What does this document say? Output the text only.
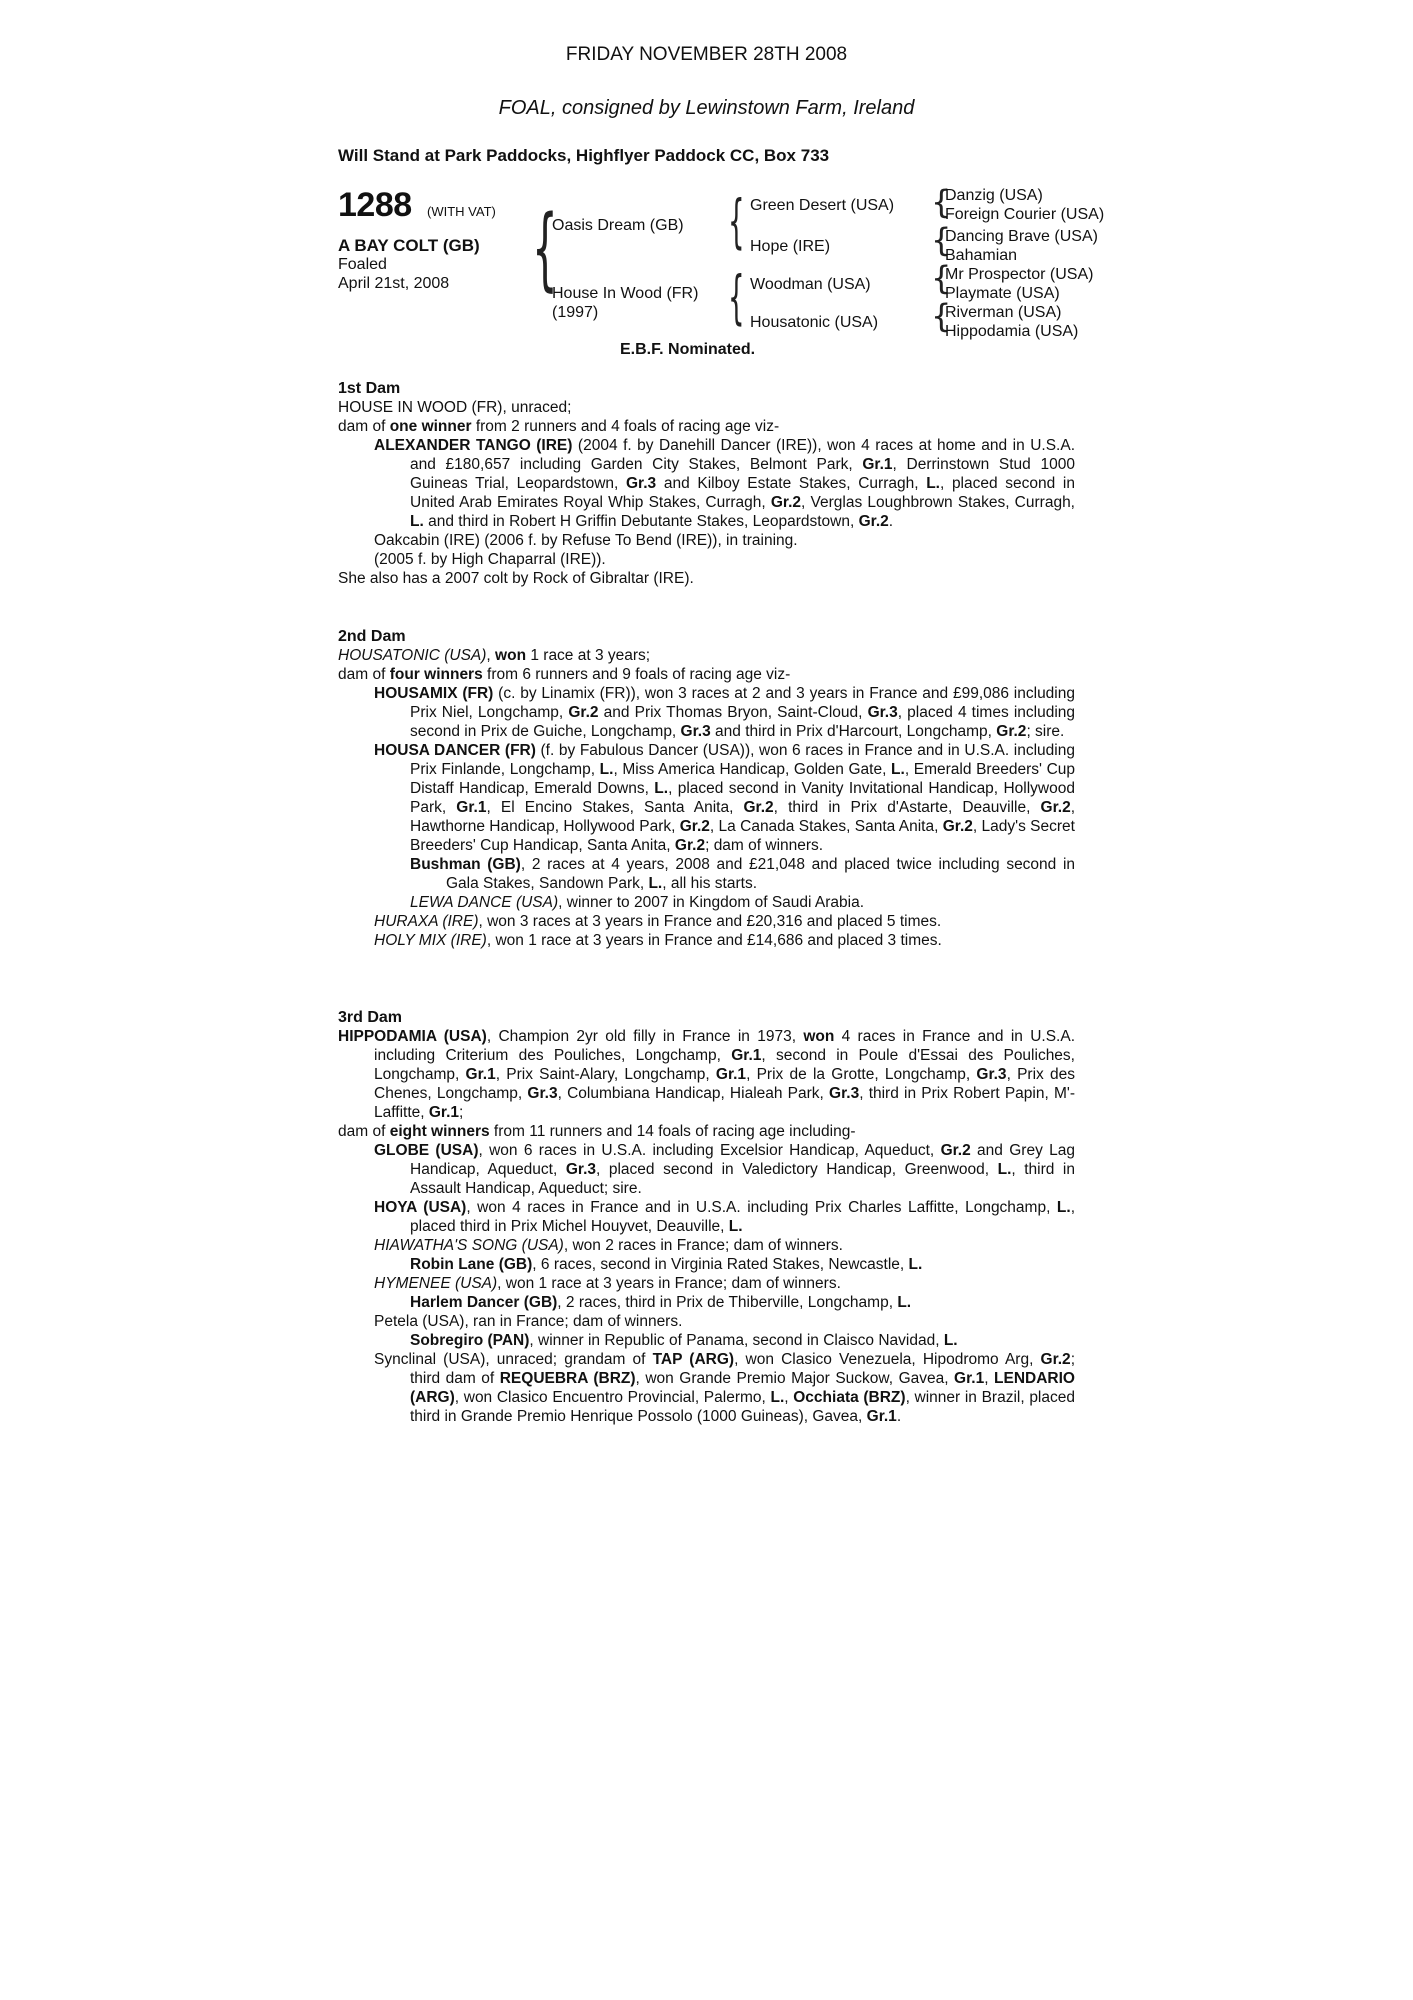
FRIDAY NOVEMBER 28TH 2008
FOAL, consigned by Lewinstown Farm, Ireland
Will Stand at Park Paddocks, Highflyer Paddock CC, Box 733
1288 (WITH VAT)
A BAY COLT (GB)
Foaled
April 21st, 2008 {
Oasis Dream (GB)
House In Wood (FR)
(1997)
{
{
Green Desert (USA)
Hope (IRE)
Woodman (USA)
Housatonic (USA)
{
{
{
{
Danzig (USA)
Foreign Courier (USA)
Dancing Brave (USA)
Bahamian
Mr Prospector (USA)
Playmate (USA)
Riverman (USA)
Hippodamia (USA)
E.B.F. Nominated.

1st Dam

HOUSE IN WOOD (FR), unraced;

dam of one winner from 2 runners and 4 foals of racing age viz-

ALEXANDER TANGO (IRE) (2004 f. by Danehill Dancer (IRE)), won 4 races at home and in U.S.A. and £180,657 including Garden City Stakes, Belmont Park, Gr.1, Derrinstown Stud 1000 Guineas Trial, Leopardstown, Gr.3 and Kilboy Estate Stakes, Curragh, L., placed second in United Arab Emirates Royal Whip Stakes, Curragh, Gr.2, Verglas Loughbrown Stakes, Curragh, L. and third in Robert H Griffin Debutante Stakes, Leopardstown, Gr.2.

Oakcabin (IRE) (2006 f. by Refuse To Bend (IRE)), in training.

(2005 f. by High Chaparral (IRE)).

She also has a 2007 colt by Rock of Gibraltar (IRE).

2nd Dam

HOUSATONIC (USA), won 1 race at 3 years;

dam of four winners from 6 runners and 9 foals of racing age viz-

HOUSAMIX (FR) (c. by Linamix (FR)), won 3 races at 2 and 3 years in France and £99,086 including Prix Niel, Longchamp, Gr.2 and Prix Thomas Bryon, Saint-Cloud, Gr.3, placed 4 times including second in Prix de Guiche, Longchamp, Gr.3 and third in Prix d'Harcourt, Longchamp, Gr.2; sire.

HOUSA DANCER (FR) (f. by Fabulous Dancer (USA)), won 6 races in France and in U.S.A. including Prix Finlande, Longchamp, L., Miss America Handicap, Golden Gate, L., Emerald Breeders' Cup Distaff Handicap, Emerald Downs, L., placed second in Vanity Invitational Handicap, Hollywood Park, Gr.1, El Encino Stakes, Santa Anita, Gr.2, third in Prix d'Astarte, Deauville, Gr.2, Hawthorne Handicap, Hollywood Park, Gr.2, La Canada Stakes, Santa Anita, Gr.2, Lady's Secret Breeders' Cup Handicap, Santa Anita, Gr.2; dam of winners.

Bushman (GB), 2 races at 4 years, 2008 and £21,048 and placed twice including second in Gala Stakes, Sandown Park, L., all his starts.

LEWA DANCE (USA), winner to 2007 in Kingdom of Saudi Arabia.

HURAXA (IRE), won 3 races at 3 years in France and £20,316 and placed 5 times.

HOLY MIX (IRE), won 1 race at 3 years in France and £14,686 and placed 3 times.

3rd Dam

HIPPODAMIA (USA), Champion 2yr old filly in France in 1973, won 4 races in France and in U.S.A. including Criterium des Pouliches, Longchamp, Gr.1, second in Poule d'Essai des Pouliches, Longchamp, Gr.1, Prix Saint-Alary, Longchamp, Gr.1, Prix de la Grotte, Longchamp, Gr.3, Prix des Chenes, Longchamp, Gr.3, Columbiana Handicap, Hialeah Park, Gr.3, third in Prix Robert Papin, M'-Laffitte, Gr.1;

dam of eight winners from 11 runners and 14 foals of racing age including-

GLOBE (USA), won 6 races in U.S.A. including Excelsior Handicap, Aqueduct, Gr.2 and Grey Lag Handicap, Aqueduct, Gr.3, placed second in Valedictory Handicap, Greenwood, L., third in Assault Handicap, Aqueduct; sire.

HOYA (USA), won 4 races in France and in U.S.A. including Prix Charles Laffitte, Longchamp, L., placed third in Prix Michel Houyvet, Deauville, L.

HIAWATHA'S SONG (USA), won 2 races in France; dam of winners.

Robin Lane (GB), 6 races, second in Virginia Rated Stakes, Newcastle, L.

HYMENEE (USA), won 1 race at 3 years in France; dam of winners.

Harlem Dancer (GB), 2 races, third in Prix de Thiberville, Longchamp, L.

Petela (USA), ran in France; dam of winners.

Sobregiro (PAN), winner in Republic of Panama, second in Claisco Navidad, L.

Synclinal (USA), unraced; grandam of TAP (ARG), won Clasico Venezuela, Hipodromo Arg, Gr.2; third dam of REQUEBRA (BRZ), won Grande Premio Major Suckow, Gavea, Gr.1, LENDARIO (ARG), won Clasico Encuentro Provincial, Palermo, L., Occhiata (BRZ), winner in Brazil, placed third in Grande Premio Henrique Possolo (1000 Guineas), Gavea, Gr.1.
